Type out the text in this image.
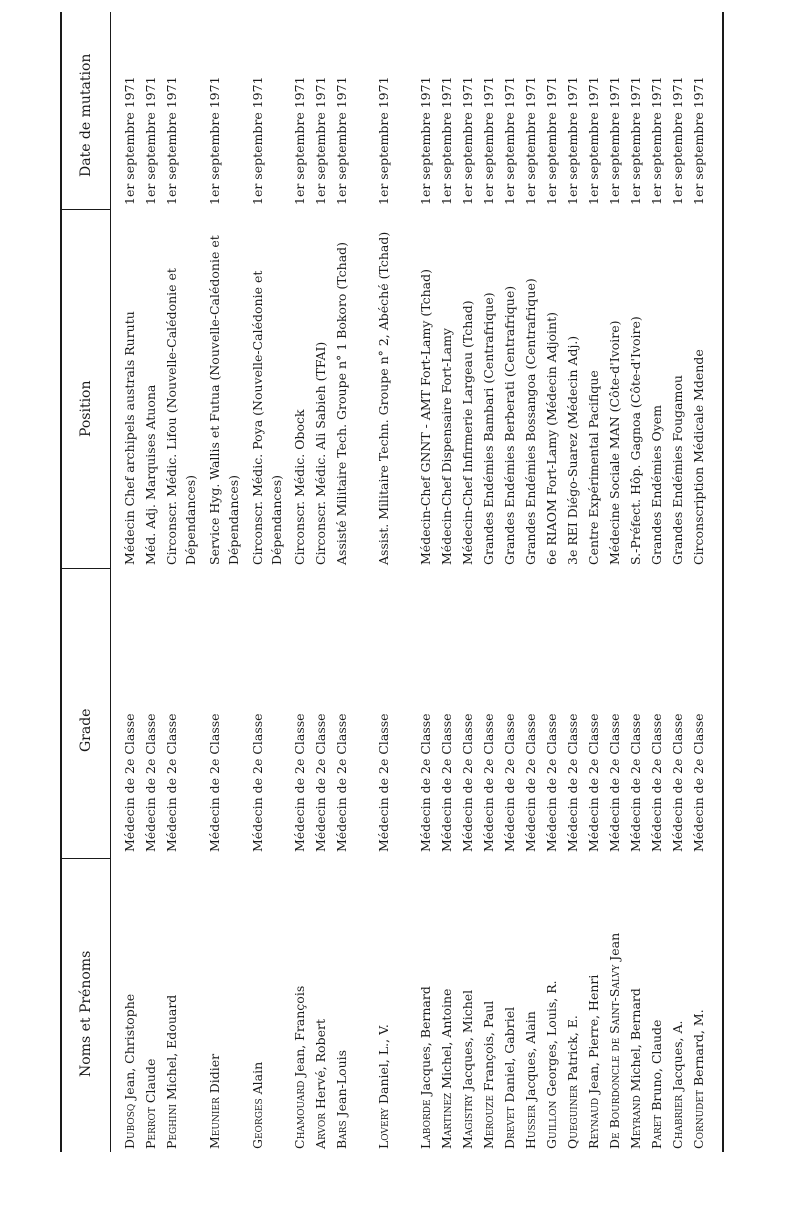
Noms et Prénoms
Grade
Position
Date de mutation
Dubosq Jean, Christophe
Médecin de 2e Classe
Médecin Chef archipels australs Rurutu
1er septembre 1971
Perrot Claude
Médecin de 2e Classe
Méd. Adj. Marquises Atuona
1er septembre 1971
Peghini Michel, Edouard
Médecin de 2e Classe
Circonscr. Médic. Lifou (Nouvelle-Calédonie et Dépendances)
1er septembre 1971
Meunier Didier
Médecin de 2e Classe
Service Hyg. Wallis et Futua (Nouvelle-Calédonie et Dépendances)
1er septembre 1971
Georges Alain
Médecin de 2e Classe
Circonscr. Médic. Poya (Nouvelle-Calédonie et Dépendances)
1er septembre 1971
Chamouard Jean, François
Médecin de 2e Classe
Circonscr. Médic. Obock
1er septembre 1971
Arvor Hervé, Robert
Médecin de 2e Classe
Circonscr. Médic. Ali Sabieh (TFAI)
1er septembre 1971
Bars Jean-Louis
Médecin de 2e Classe
Assisté Militaire Tech. Groupe n° 1 Bokoro (Tchad)
1er septembre 1971
Lovery Daniel, L., V.
Médecin de 2e Classe
Assist. Militaire Techn. Groupe n° 2, Abéché (Tchad)
1er septembre 1971
Laborde Jacques, Bernard
Médecin de 2e Classe
Médecin-Chef GNNT - AMT Fort-Lamy (Tchad)
1er septembre 1971
Martinez Michel, Antoine
Médecin de 2e Classe
Médecin-Chef Dispensaire Fort-Lamy
1er septembre 1971
Magistry Jacques, Michel
Médecin de 2e Classe
Médecin-Chef Infirmerie Largeau (Tchad)
1er septembre 1971
Merouze François, Paul
Médecin de 2e Classe
Grandes Endémies Bambari (Centrafrique)
1er septembre 1971
Drevet Daniel, Gabriel
Médecin de 2e Classe
Grandes Endémies Berberati (Centrafrique)
1er septembre 1971
Husser Jacques, Alain
Médecin de 2e Classe
Grandes Endémies Bossangoa (Centrafrique)
1er septembre 1971
Guillon Georges, Louis, R.
Médecin de 2e Classe
6e RIAOM Fort-Lamy (Médecin Adjoint)
1er septembre 1971
Queguiner Patrick, E.
Médecin de 2e Classe
3e REI Diégo-Suarez (Médecin Adj.)
1er septembre 1971
Reynaud Jean, Pierre, Henri
Médecin de 2e Classe
Centre Expérimental Pacifique
1er septembre 1971
De Bourdoncle de Saint-Salvy Jean
Médecin de 2e Classe
Médecine Sociale MAN (Côte-d'Ivoire)
1er septembre 1971
Meyrand Michel, Bernard
Médecin de 2e Classe
S.-Préfect. Hôp. Gagnoa (Côte-d'Ivoire)
1er septembre 1971
Paret Bruno, Claude
Médecin de 2e Classe
Grandes Endémies Oyem
1er septembre 1971
Chabrier Jacques, A.
Médecin de 2e Classe
Grandes Endémies Fougamou
1er septembre 1971
Cornudet Bernard, M.
Médecin de 2e Classe
Circonscription Médicale Mdende
1er septembre 1971
